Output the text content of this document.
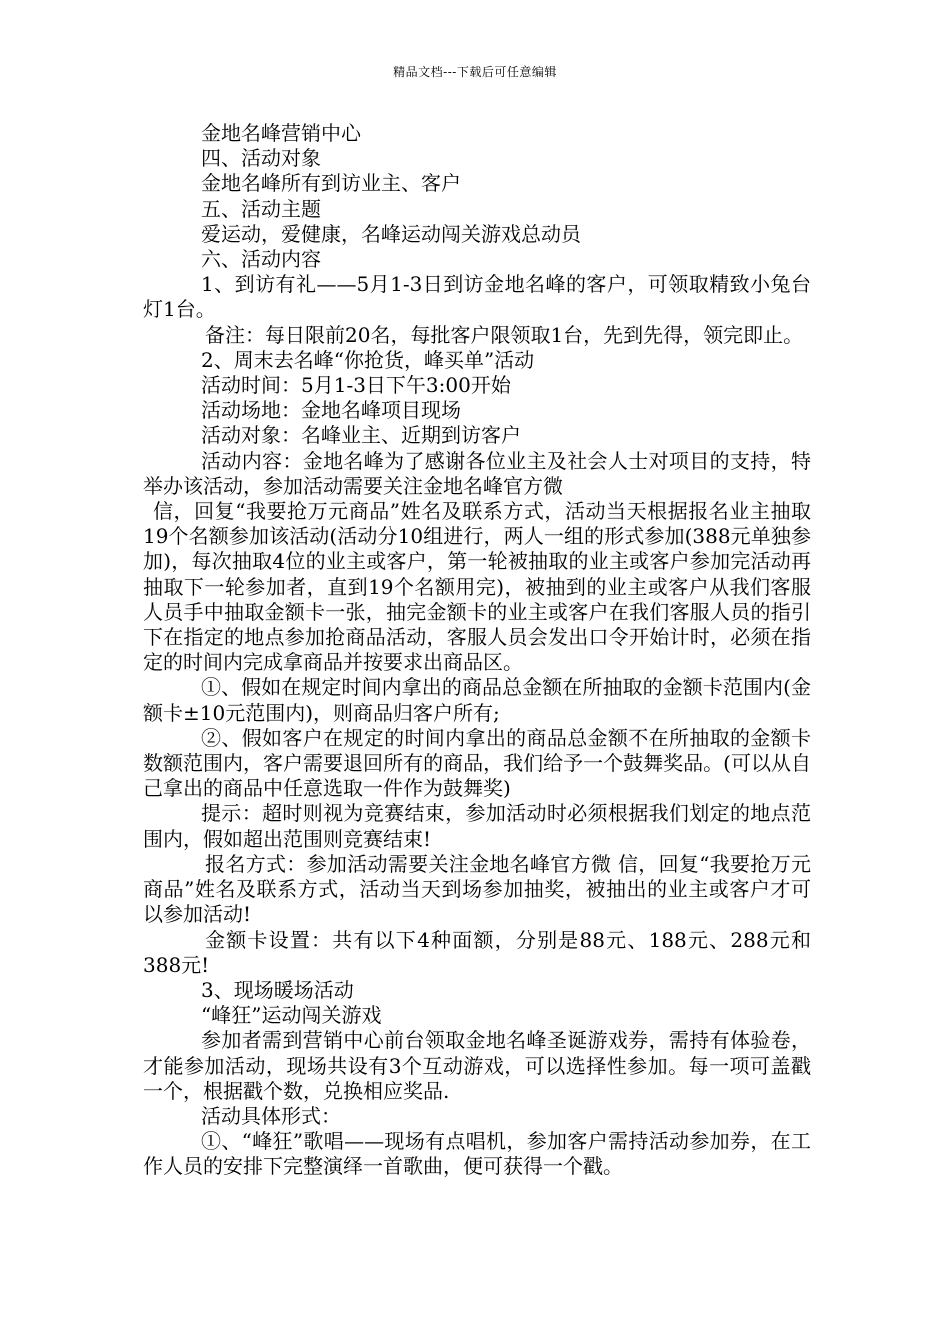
精品文档---下载后可任意编辑

金地名峰营销中心

四、活动对象

金地名峰所有到访业主、客户

五、活动主题

爱运动，爱健康，名峰运动闯关游戏总动员

六、活动内容

1、到访有礼——5月1-3日到访金地名峰的客户，可领取精致小兔台灯1台。

备注：每日限前20名，每批客户限领取1台，先到先得，领完即止。

2、周末去名峰“你抢货，峰买单”活动

活动时间：5月1-3日下午3:00开始

活动场地：金地名峰项目现场

活动对象：名峰业主、近期到访客户

活动内容：金地名峰为了感谢各位业主及社会人士对项目的支持，特举办该活动，参加活动需要关注金地名峰官方微

信，回复“我要抢万元商品”姓名及联系方式，活动当天根据报名业主抽取19个名额参加该活动(活动分10组进行，两人一组的形式参加(388元单独参加)，每次抽取4位的业主或客户，第一轮被抽取的业主或客户参加完活动再抽取下一轮参加者，直到19个名额用完)，被抽到的业主或客户从我们客服人员手中抽取金额卡一张，抽完金额卡的业主或客户在我们客服人员的指引下在指定的地点参加抢商品活动，客服人员会发出口令开始计时，必须在指定的时间内完成拿商品并按要求出商品区。

①、假如在规定时间内拿出的商品总金额在所抽取的金额卡范围内(金额卡±10元范围内)，则商品归客户所有;

②、假如客户在规定的时间内拿出的商品总金额不在所抽取的金额卡数额范围内，客户需要退回所有的商品，我们给予一个鼓舞奖品。(可以从自己拿出的商品中任意选取一件作为鼓舞奖)

提示：超时则视为竞赛结束，参加活动时必须根据我们划定的地点范围内，假如超出范围则竞赛结束!

报名方式：参加活动需要关注金地名峰官方微 信，回复“我要抢万元商品”姓名及联系方式，活动当天到场参加抽奖，被抽出的业主或客户才可以参加活动!

金额卡设置：共有以下4种面额，分别是88元、188元、288元和388元!

3、现场暖场活动

“峰狂”运动闯关游戏

参加者需到营销中心前台领取金地名峰圣诞游戏券，需持有体验卷，才能参加活动，现场共设有3个互动游戏，可以选择性参加。每一项可盖戳一个，根据戳个数，兑换相应奖品.

活动具体形式：

①、“峰狂”歌唱——现场有点唱机，参加客户需持活动参加券，在工作人员的安排下完整演绎一首歌曲，便可获得一个戳。
